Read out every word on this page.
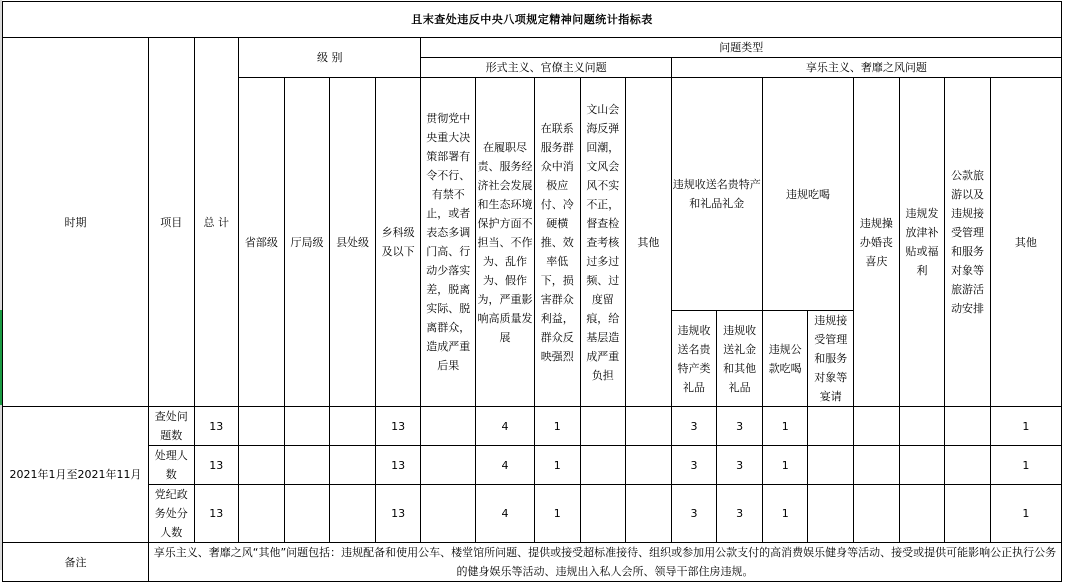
且末查处违反中央八项规定精神问题统计指标表																			
时期	项目	总 计	级 别				问题类型												
							形式主义、官僚主义问题					享乐主义、奢靡之风问题							
			省部级	厅局级	县处级	乡科级及以下	贯彻党中央重大决策部署有令不行、有禁不止，或者表态多调门高、行动少落实差，脱离实际、脱离群众，造成严重后果	在履职尽责、服务经济社会发展和生态环境保护方面不担当、不作为、乱作为、假作为，严重影响高质量发展	在联系服务群众中消极应付、冷硬横推、效率低下，损害群众利益，群众反映强烈	文山会海反弹回潮，文风会风不实不正，督查检查考核过多过频、过度留痕，给基层造成严重负担	其他	违规收送名贵特产和礼品礼金		违规吃喝		违规操办婚丧喜庆	违规发放津补贴或福利	公款旅游以及违规接受管理和服务对象等旅游活动安排	其他

												违规收送名贵特产类礼品	违规收送礼金和其他礼品	违规公款吃喝	违规接受管理和服务对象等宴请				
2021年1月至2021年11月	查处问题数	13				13		4	1			3	3	1					1
	处理人数	13				13		4	1			3	3	1					1
	党纪政务处分人数	13				13		4	1			3	3	1					1
备注	享乐主义、奢靡之风“其他”问题包括：违规配备和使用公车、楼堂馆所问题、提供或接受超标准接待、组织或参加用公款支付的高消费娱乐健身等活动、接受或提供可能影响公正执行公务的健身娱乐等活动、违规出入私人会所、领导干部住房违规。																		
